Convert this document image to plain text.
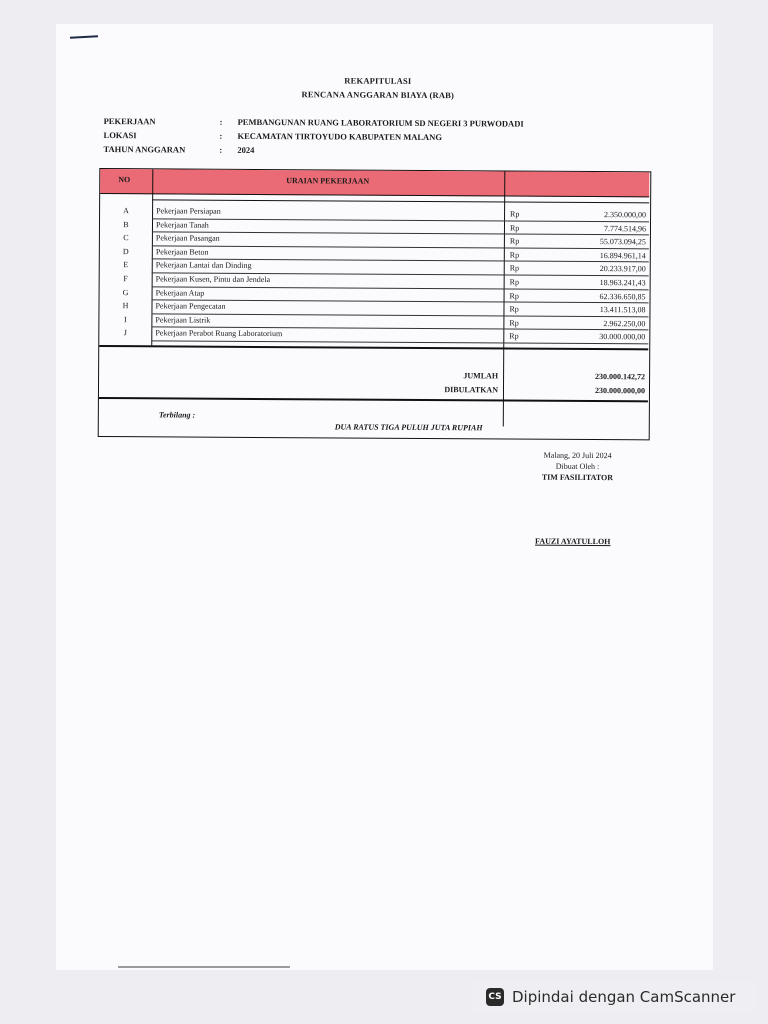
REKAPITULASI
RENCANA ANGGARAN BIAYA (RAB)
PEKERJAAN	: PEMBANGUNAN RUANG LABORATORIUM SD NEGERI 3 PURWODADI
LOKASI	: KECAMATAN TIRTOYUDO KABUPATEN MALANG
TAHUN ANGGARAN	: 2024
NO	URAIAN PEKERJAAN
A	Pekerjaan Persiapan	Rp	2.350.000,00
B	Pekerjaan Tanah	Rp	7.774.514,96
C	Pekerjaan Pasangan	Rp	55.073.094,25
D	Pekerjaan Beton	Rp	16.894.961,14
E	Pekerjaan Lantai dan Dinding	Rp	20.233.917,00
F	Pekerjaan Kusen, Pintu dan Jendela	Rp	18.963.241,43
G	Pekerjaan Atap	Rp	62.336.650,85
H	Pekerjaan Pengecatan	Rp	13.411.513,08
I	Pekerjaan Listrik	Rp	2.962.250,00
J	Pekerjaan Perabot Ruang Laboratorium	Rp	30.000.000,00
JUMLAH	230.000.142,72
DIBULATKAN	230.000.000,00
Terbilang :
DUA RATUS TIGA PULUH JUTA RUPIAH
Malang, 20 Juli 2024
Dibuat Oleh :
TIM FASILITATOR
FAUZI AYATULLOH
CS Dipindai dengan CamScanner
